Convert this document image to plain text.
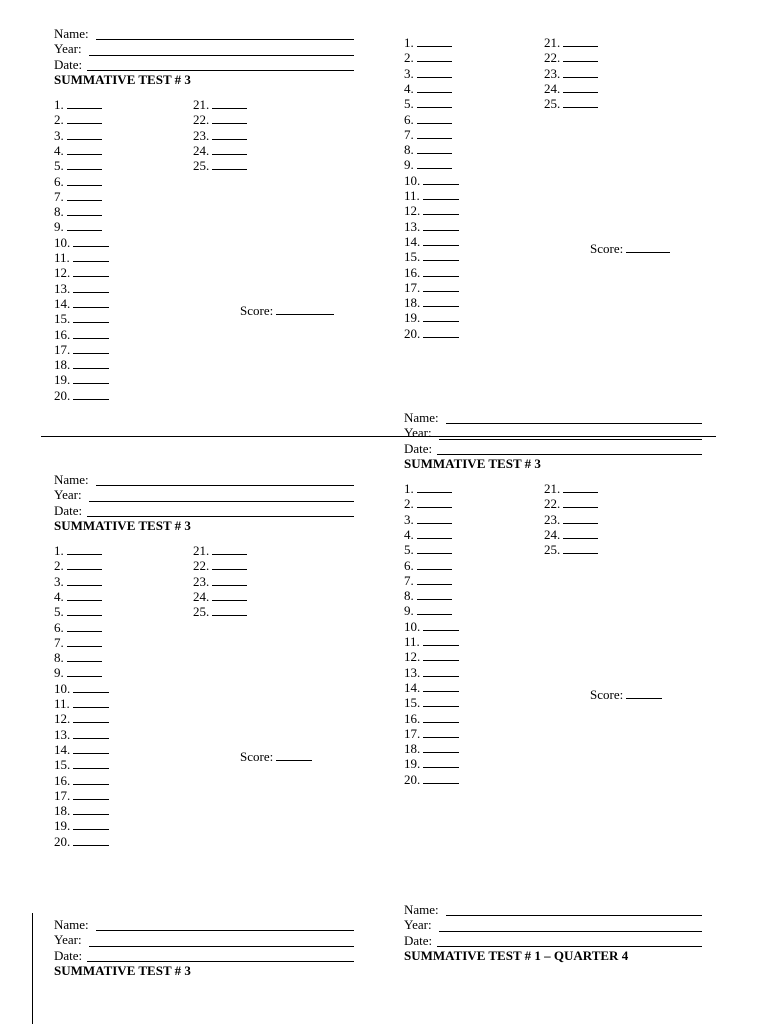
Name:
Year:
Date:
SUMMATIVE TEST # 3
Name:
Year:
Date:
SUMMATIVE TEST # 3
Name:
Year:
Date:
SUMMATIVE TEST # 3
Name:
Year:
Date:
SUMMATIVE TEST # 3
Name:
Year:
Date:
SUMMATIVE TEST # 1 – QUARTER 4
1.
2.
3.
4.
5.
6.
7.
8.
9.
10.
11.
12.
13.
14.
15.
16.
17.
18.
19.
20.
21.
22.
23.
24.
25.
Score:
1.
2.
3.
4.
5.
6.
7.
8.
9.
10.
11.
12.
13.
14.
15.
16.
17.
18.
19.
20.
21.
22.
23.
24.
25.
Score:
1.
2.
3.
4.
5.
6.
7.
8.
9.
10.
11.
12.
13.
14.
15.
16.
17.
18.
19.
20.
21.
22.
23.
24.
25.
Score:
1.
2.
3.
4.
5.
6.
7.
8.
9.
10.
11.
12.
13.
14.
15.
16.
17.
18.
19.
20.
21.
22.
23.
24.
25.
Score:
